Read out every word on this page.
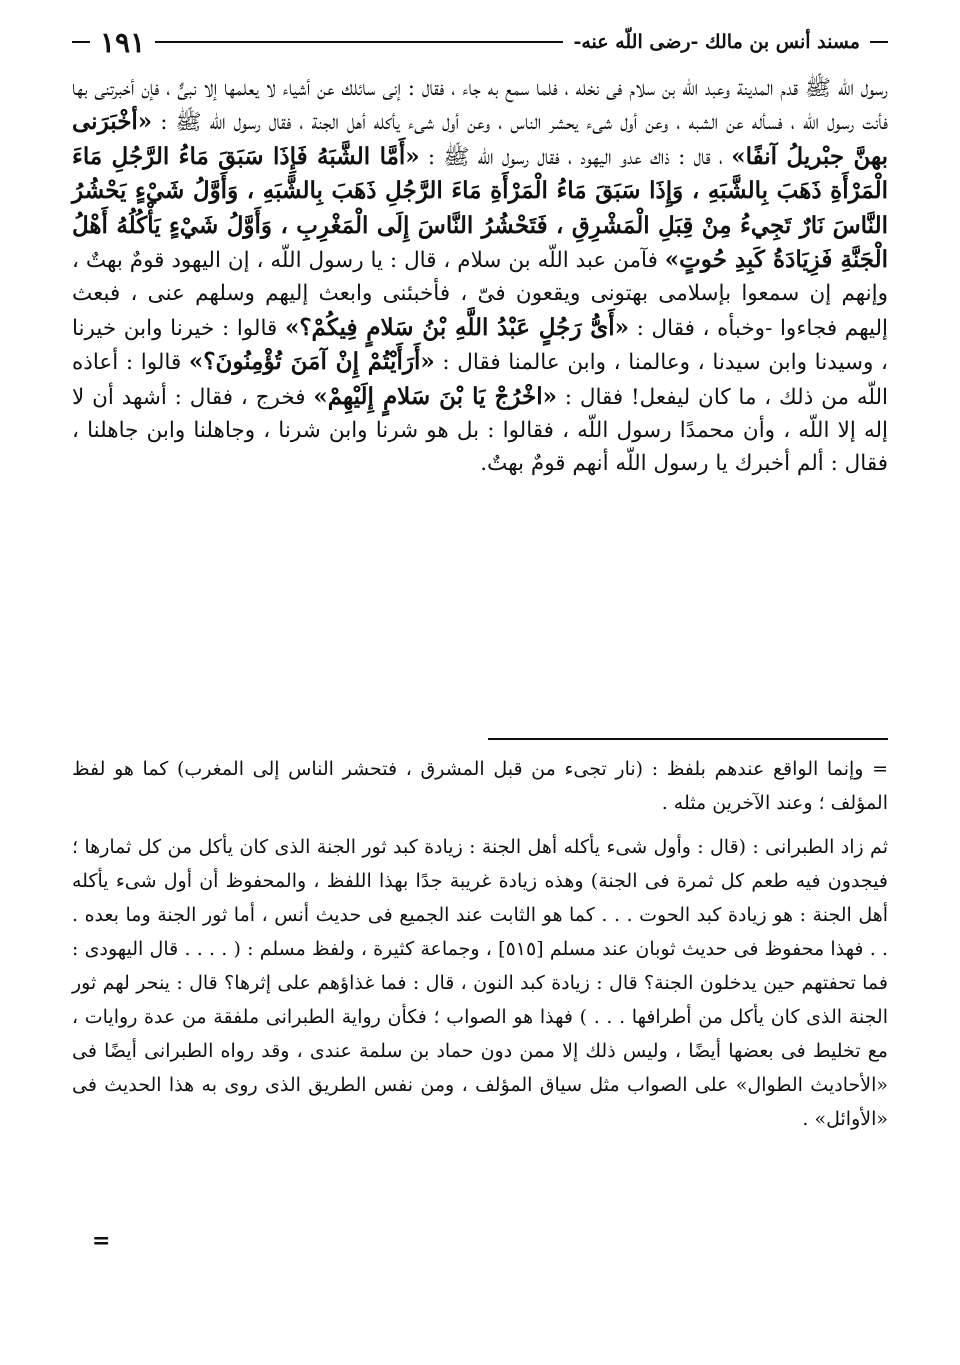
مسند أنس بن مالك -رضى اللّه عنه-
١٩١

رسول اللّه ﷺ قدم المدينة وعبد اللّه بن سلام فى نخله ، فلما سمع به جاء ، فقال : إنى سائلك عن أشياء لا يعلمها إلا نبىٌّ ، فإن أخبرتنى بها فأنت رسول اللّه ، فسأله عن الشبه ، وعن أول شىء يحشر الناس ، وعن أول شىء يأكله أهل الجنة ، فقال رسول اللّه ﷺ : «أخْبَرَنى بهنَّ جبْريلُ آنفًا» ، قال : ذاك عدو اليهود ، فقال رسول اللّه ﷺ : «أَمَّا الشَّبَهُ فَإِذَا سَبَقَ مَاءُ الرَّجُلِ مَاءَ الْمَرْأَةِ ذَهَبَ بِالشَّبَهِ ، وَإِذَا سَبَقَ مَاءُ الْمَرْأَةِ مَاءَ الرَّجُلِ ذَهَبَ بِالشَّبَهِ ، وَأَوَّلُ شَيْءٍ يَحْشُرُ النَّاسَ نَارٌ تَجِيءُ مِنْ قِبَلِ الْمَشْرِقِ ، فَتَحْشُرُ النَّاسَ إِلَى الْمَغْرِبِ ، وَأَوَّلُ شَيْءٍ يَأْكُلُهُ أَهْلُ الْجَنَّةِ فَزِيَادَةُ كَبِدِ حُوتٍ» فآمن عبد اللّه بن سلام ، قال : يا رسول اللّه ، إن اليهود قومٌ بهتٌ ، وإنهم إن سمعوا بإسلامى بهتونى ويقعون فىّ ، فأخبئنى وابعث إليهم وسلهم عنى ، فبعث إليهم فجاءوا -وخبأه ، فقال : «أَىُّ رَجُلٍ عَبْدُ اللَّهِ بْنُ سَلامٍ فِيكُمْ؟» قالوا : خيرنا وابن خيرنا ، وسيدنا وابن سيدنا ، وعالمنا ، وابن عالمنا فقال : «أَرَأَيْتُمْ إِنْ آمَنَ تُؤْمِنُونَ؟» قالوا : أعاذه اللّه من ذلك ، ما كان ليفعل! فقال : «اخْرُجْ يَا بْنَ سَلامٍ إِلَيْهِمْ» فخرج ، فقال : أشهد أن لا إله إلا اللّه ، وأن محمدًا رسول اللّه ، فقالوا : بل هو شرنا وابن شرنا ، وجاهلنا وابن جاهلنا ، فقال : ألم أخبرك يا رسول اللّه أنهم قومٌ بهتٌ.

= وإنما الواقع عندهم بلفظ : (نار تجىء من قبل المشرق ، فتحشر الناس إلى المغرب) كما هو لفظ المؤلف ؛ وعند الآخرين مثله .

ثم زاد الطبرانى : (قال : وأول شىء يأكله أهل الجنة : زيادة كبد ثور الجنة الذى كان يأكل من كل ثمارها ؛ فيجدون فيه طعم كل ثمرة فى الجنة) وهذه زيادة غريبة جدًا بهذا اللفظ ، والمحفوظ أن أول شىء يأكله أهل الجنة : هو زيادة كبد الحوت . . . كما هو الثابت عند الجميع فى حديث أنس ، أما ثور الجنة وما بعده . . . فهذا محفوظ فى حديث ثوبان عند مسلم [٥١٥] ، وجماعة كثيرة ، ولفظ مسلم : ( . . . . قال اليهودى : فما تحفتهم حين يدخلون الجنة؟ قال : زيادة كبد النون ، قال : فما غذاؤهم على إثرها؟ قال : ينحر لهم ثور الجنة الذى كان يأكل من أطرافها . . . ) فهذا هو الصواب ؛ فكأن رواية الطبرانى ملفقة من عدة روايات ، مع تخليط فى بعضها أيضًا ، وليس ذلك إلا ممن دون حماد بن سلمة عندى ، وقد رواه الطبرانى أيضًا فى «الأحاديث الطوال» على الصواب مثل سياق المؤلف ، ومن نفس الطريق الذى روى به هذا الحديث فى «الأوائل» .

=
